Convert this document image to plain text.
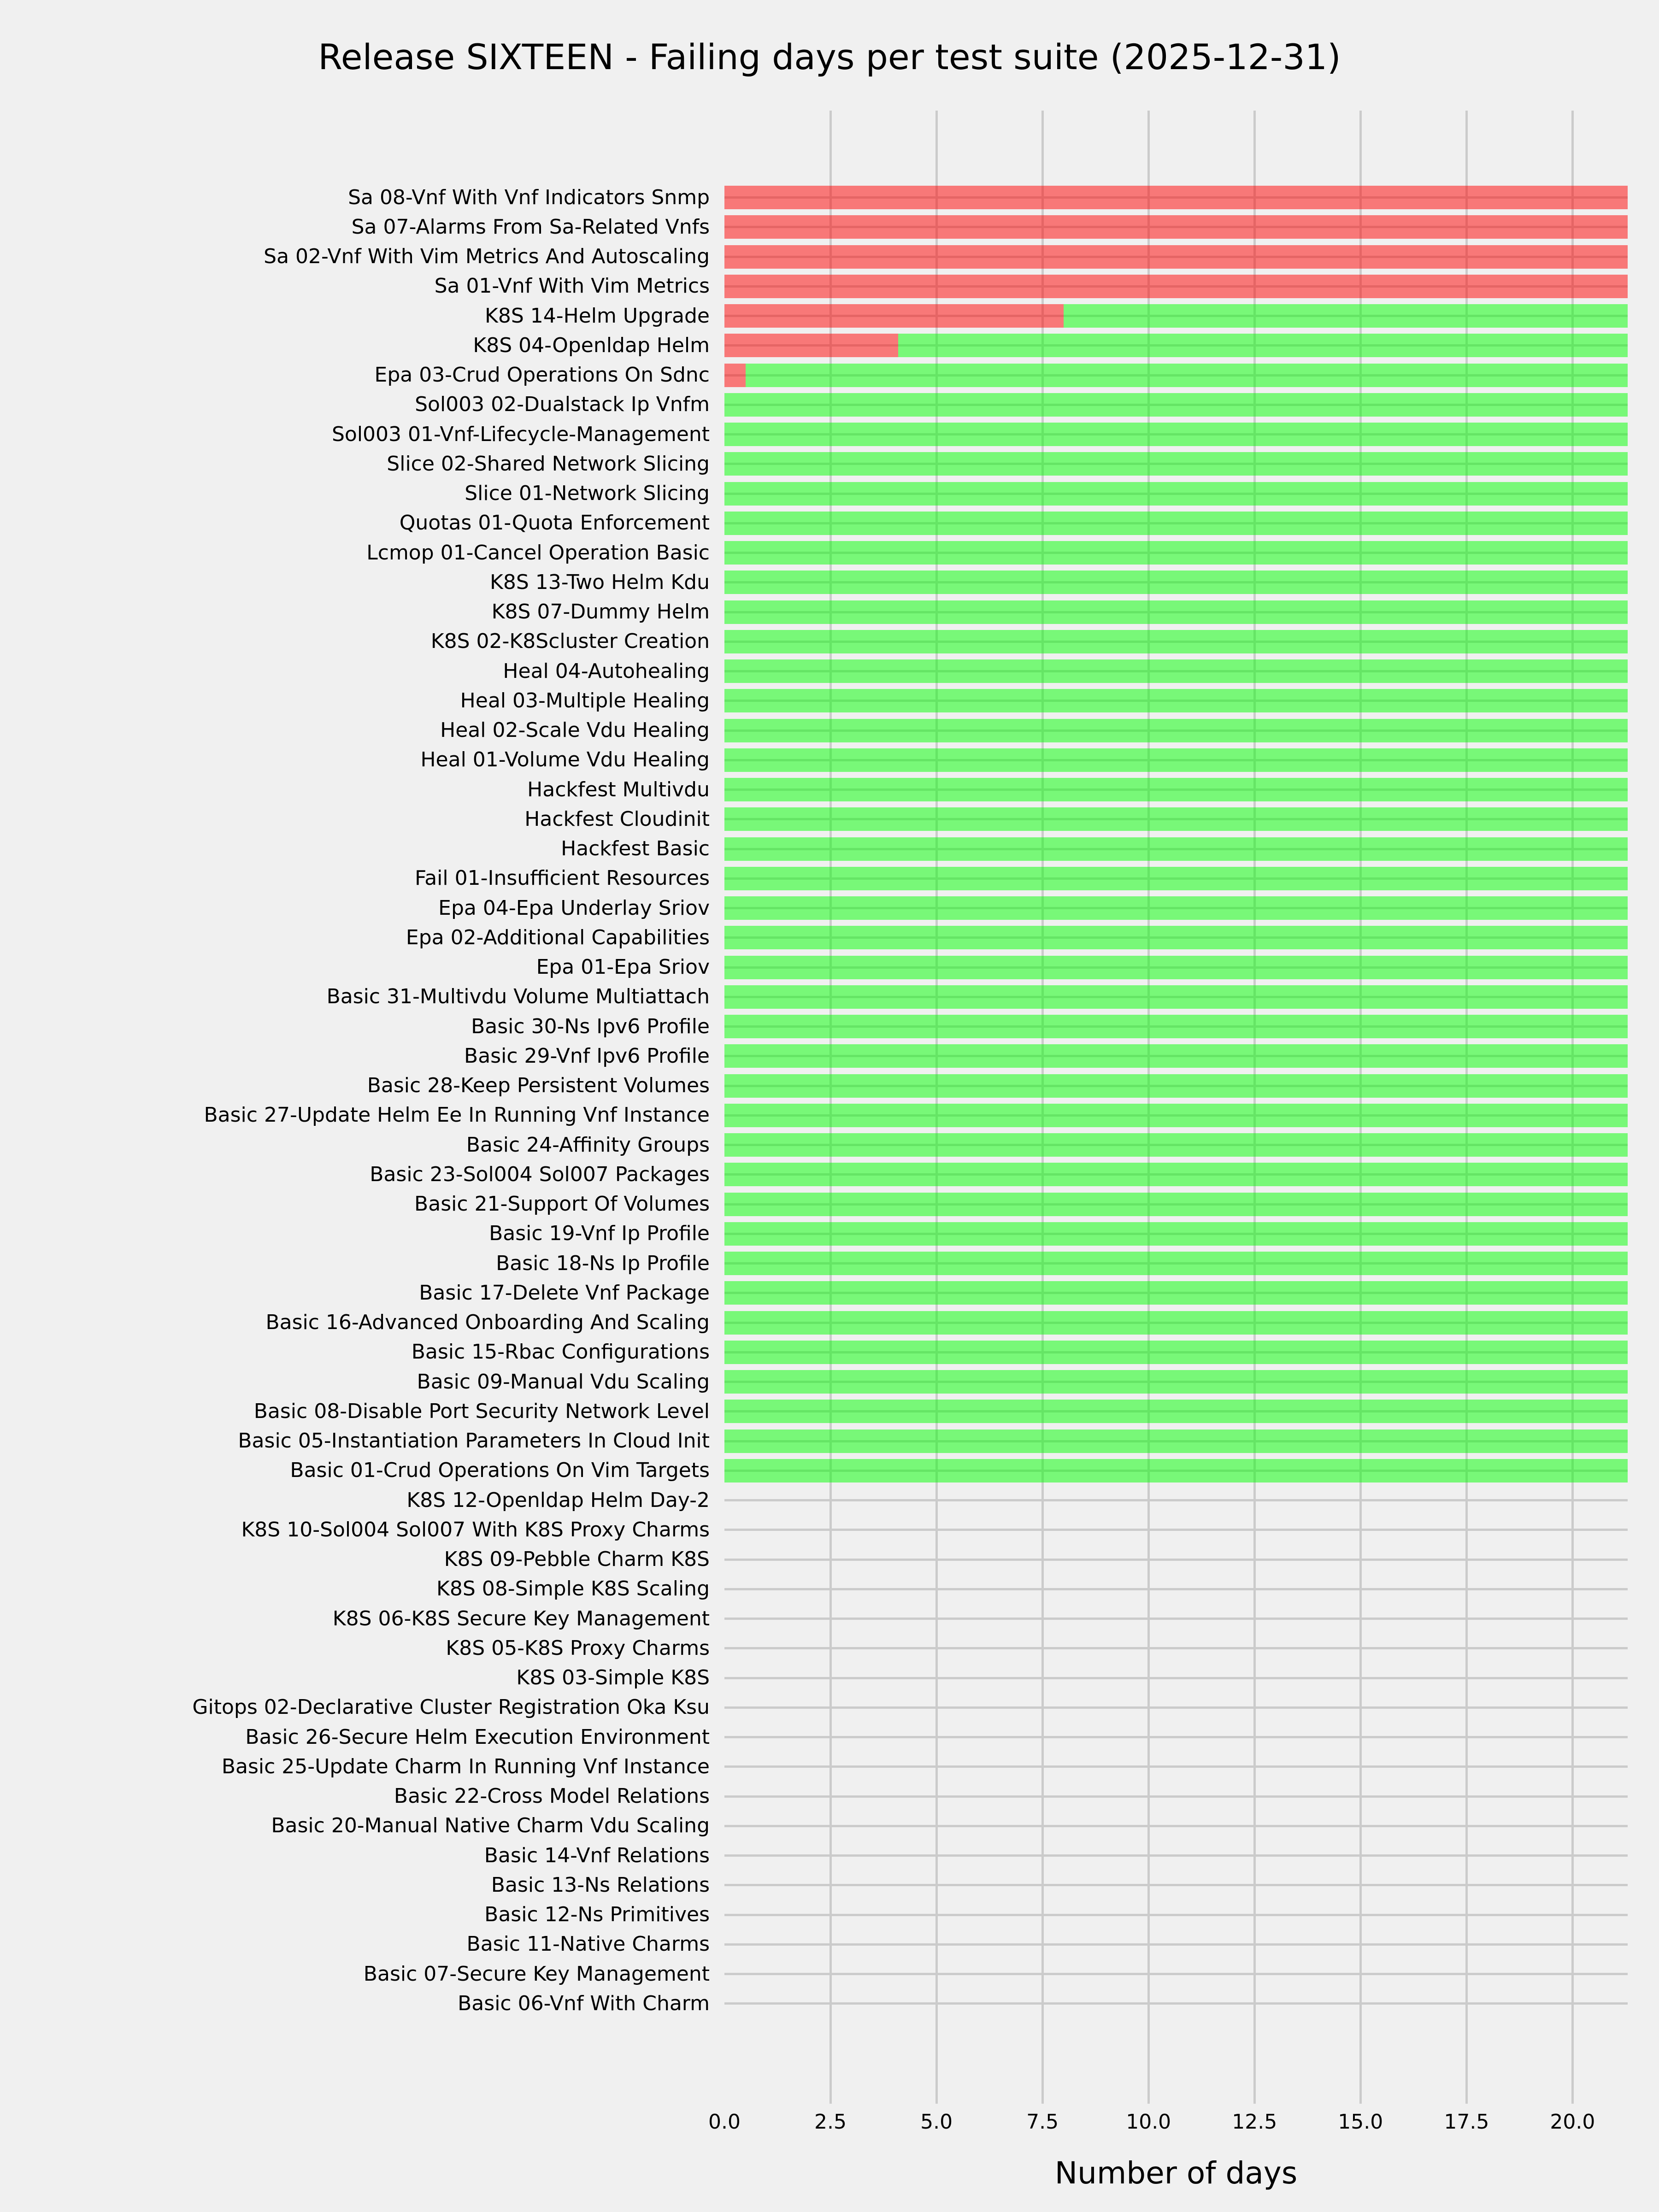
Release SIXTEEN - Failing days per test suite (2025-12-31)
Sa 08-Vnf With Vnf Indicators Snmp
Sa 07-Alarms From Sa-Related Vnfs
Sa 02-Vnf With Vim Metrics And Autoscaling
Sa 01-Vnf With Vim Metrics
K8S 14-Helm Upgrade
K8S 04-Openldap Helm
Epa 03-Crud Operations On Sdnc
Sol003 02-Dualstack Ip Vnfm
Sol003 01-Vnf-Lifecycle-Management
Slice 02-Shared Network Slicing
Slice 01-Network Slicing
Quotas 01-Quota Enforcement
Lcmop 01-Cancel Operation Basic
K8S 13-Two Helm Kdu
K8S 07-Dummy Helm
K8S 02-K8Scluster Creation
Heal 04-Autohealing
Heal 03-Multiple Healing
Heal 02-Scale Vdu Healing
Heal 01-Volume Vdu Healing
Hackfest Multivdu
Hackfest Cloudinit
Hackfest Basic
Fail 01-Insufficient Resources
Epa 04-Epa Underlay Sriov
Epa 02-Additional Capabilities
Epa 01-Epa Sriov
Basic 31-Multivdu Volume Multiattach
Basic 30-Ns Ipv6 Profile
Basic 29-Vnf Ipv6 Profile
Basic 28-Keep Persistent Volumes
Basic 27-Update Helm Ee In Running Vnf Instance
Basic 24-Affinity Groups
Basic 23-Sol004 Sol007 Packages
Basic 21-Support Of Volumes
Basic 19-Vnf Ip Profile
Basic 18-Ns Ip Profile
Basic 17-Delete Vnf Package
Basic 16-Advanced Onboarding And Scaling
Basic 15-Rbac Configurations
Basic 09-Manual Vdu Scaling
Basic 08-Disable Port Security Network Level
Basic 05-Instantiation Parameters In Cloud Init
Basic 01-Crud Operations On Vim Targets
K8S 12-Openldap Helm Day-2
K8S 10-Sol004 Sol007 With K8S Proxy Charms
K8S 09-Pebble Charm K8S
K8S 08-Simple K8S Scaling
K8S 06-K8S Secure Key Management
K8S 05-K8S Proxy Charms
K8S 03-Simple K8S
Gitops 02-Declarative Cluster Registration Oka Ksu
Basic 26-Secure Helm Execution Environment
Basic 25-Update Charm In Running Vnf Instance
Basic 22-Cross Model Relations
Basic 20-Manual Native Charm Vdu Scaling
Basic 14-Vnf Relations
Basic 13-Ns Relations
Basic 12-Ns Primitives
Basic 11-Native Charms
Basic 07-Secure Key Management
Basic 06-Vnf With Charm
0.0	2.5	5.0	7.5	10.0	12.5	15.0	17.5	20.0
Number of days
